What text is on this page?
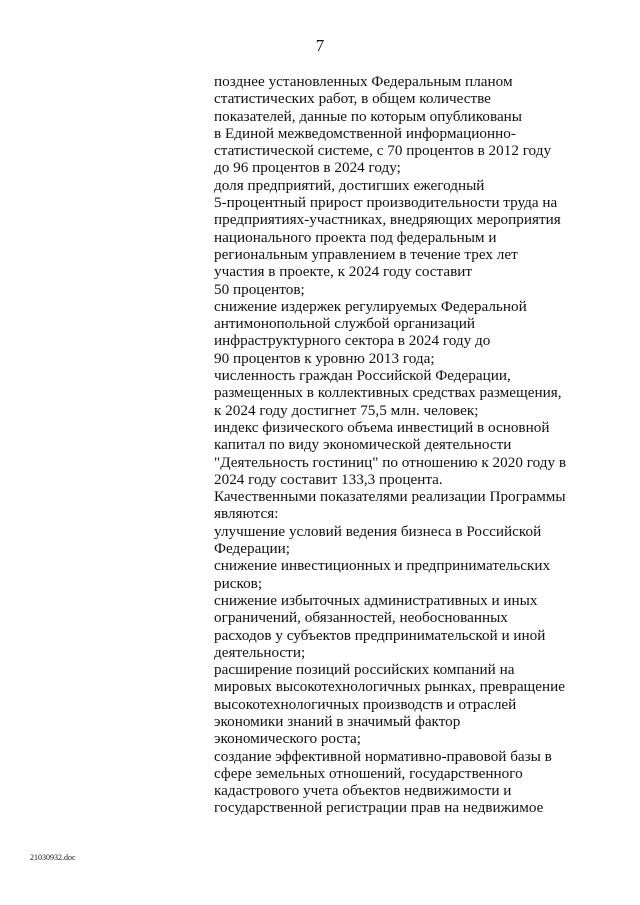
7
позднее установленных Федеральным планом
статистических работ, в общем количестве
показателей, данные по которым опубликованы
в Единой межведомственной информационно-
статистической системе, с 70 процентов в 2012 году
до 96 процентов в 2024 году;
доля предприятий, достигших ежегодный
5-процентный прирост производительности труда на
предприятиях-участниках, внедряющих мероприятия
национального проекта под федеральным и
региональным управлением в течение трех лет
участия в проекте, к 2024 году составит
50 процентов;
снижение издержек регулируемых Федеральной
антимонопольной службой организаций
инфраструктурного сектора в 2024 году до
90 процентов к уровню 2013 года;
численность граждан Российской Федерации,
размещенных в коллективных средствах размещения,
к 2024 году достигнет 75,5 млн. человек;
индекс физического объема инвестиций в основной
капитал по виду экономической деятельности
"Деятельность гостиниц" по отношению к 2020 году в
2024 году составит 133,3 процента.
Качественными показателями реализации Программы
являются:
улучшение условий ведения бизнеса в Российской
Федерации;
снижение инвестиционных и предпринимательских
рисков;
снижение избыточных административных и иных
ограничений, обязанностей, необоснованных
расходов у субъектов предпринимательской и иной
деятельности;
расширение позиций российских компаний на
мировых высокотехнологичных рынках, превращение
высокотехнологичных производств и отраслей
экономики знаний в значимый фактор
экономического роста;
создание эффективной нормативно-правовой базы в
сфере земельных отношений, государственного
кадастрового учета объектов недвижимости и
государственной регистрации прав на недвижимое
21030932.doc
